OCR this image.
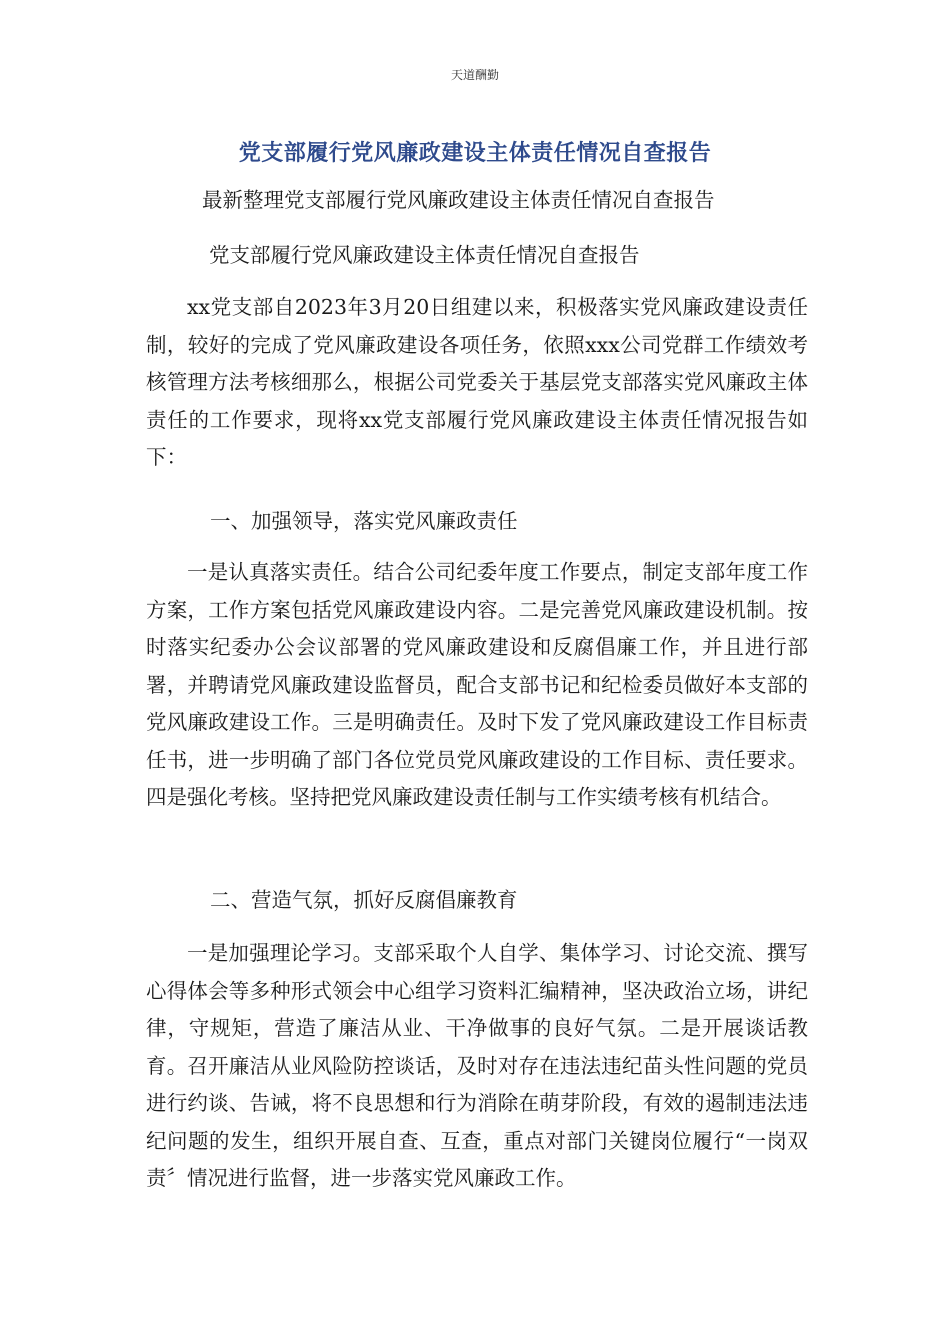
天道酬勤
党支部履行党风廉政建设主体责任情况自查报告

最新整理党支部履行党风廉政建设主体责任情况自查报告

党支部履行党风廉政建设主体责任情况自查报告

xx党支部自2023年3月20日组建以来，积极落实党风廉政建设责任制，较好的完成了党风廉政建设各项任务，依照xxx公司党群工作绩效考核管理方法考核细那么，根据公司党委关于基层党支部落实党风廉政主体责任的工作要求，现将xx党支部履行党风廉政建设主体责任情况报告如下：

一、加强领导，落实党风廉政责任

一是认真落实责任。结合公司纪委年度工作要点，制定支部年度工作方案，工作方案包括党风廉政建设内容。二是完善党风廉政建设机制。按时落实纪委办公会议部署的党风廉政建设和反腐倡廉工作，并且进行部署，并聘请党风廉政建设监督员，配合支部书记和纪检委员做好本支部的党风廉政建设工作。三是明确责任。及时下发了党风廉政建设工作目标责任书，进一步明确了部门各位党员党风廉政建设的工作目标、责任要求。四是强化考核。坚持把党风廉政建设责任制与工作实绩考核有机结合。

二、营造气氛，抓好反腐倡廉教育

一是加强理论学习。支部采取个人自学、集体学习、讨论交流、撰写心得体会等多种形式领会中心组学习资料汇编精神，坚决政治立场，讲纪律，守规矩，营造了廉洁从业、干净做事的良好气氛。二是开展谈话教育。召开廉洁从业风险防控谈话，及时对存在违法违纪苗头性问题的党员进行约谈、告诫，将不良思想和行为消除在萌芽阶段，有效的遏制违法违纪问题的发生，组织开展自查、互查，重点对部门关键岗位履行“一岗双责〞情况进行监督，进一步落实党风廉政工作。
